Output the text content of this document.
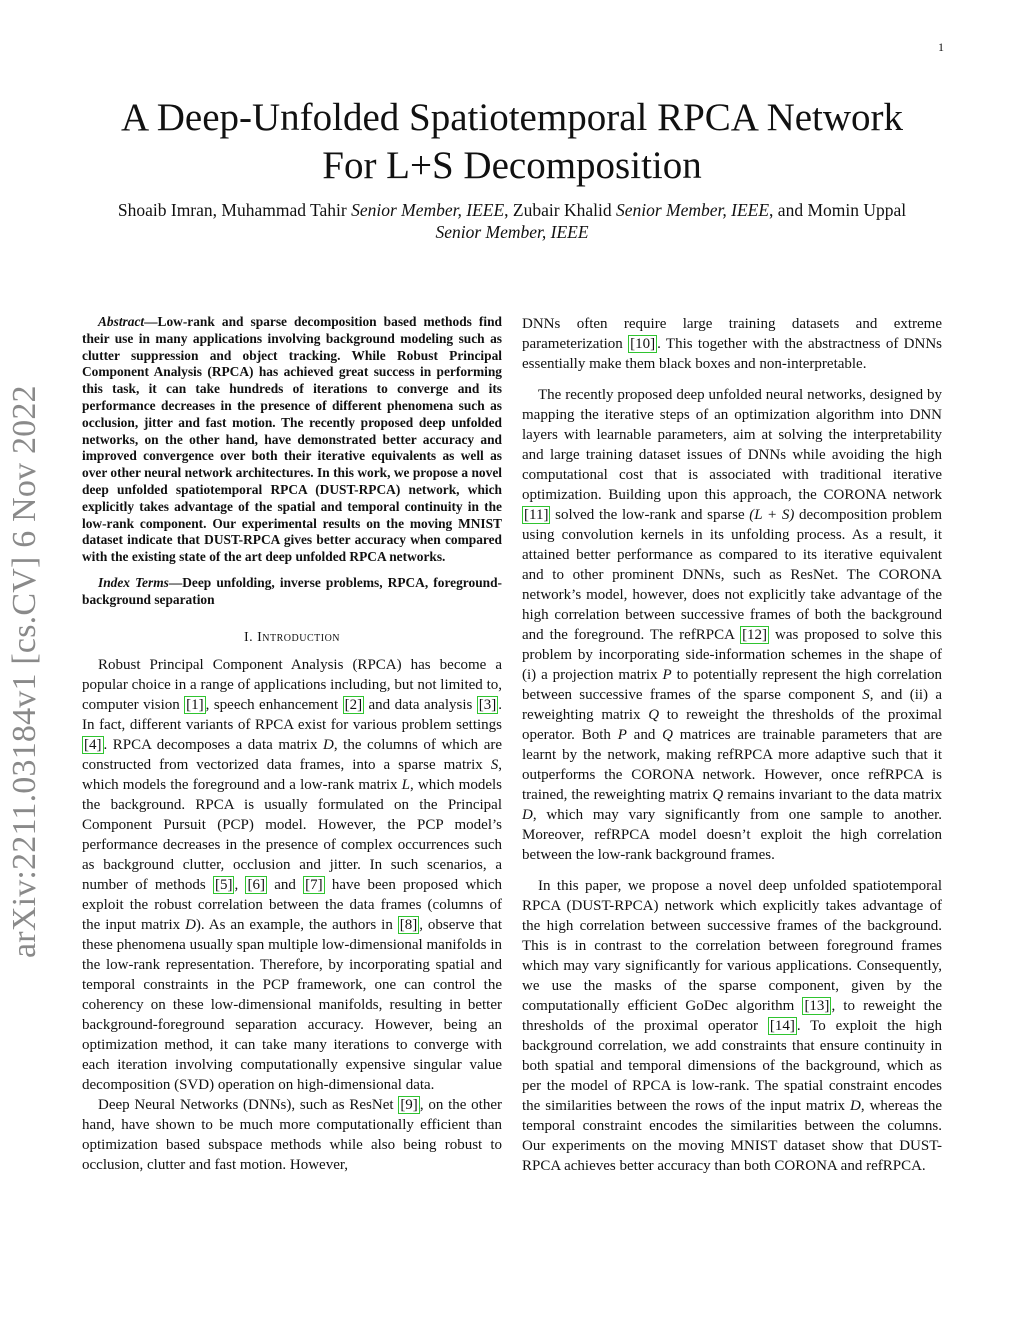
1
arXiv:2211.03184v1 [cs.CV] 6 Nov 2022
A Deep-Unfolded Spatiotemporal RPCA Network
For L+S Decomposition
Shoaib Imran, Muhammad Tahir Senior Member, IEEE, Zubair Khalid Senior Member, IEEE, and Momin Uppal
Senior Member, IEEE

Abstract—Low-rank and sparse decomposition based methods find their use in many applications involving background modeling such as clutter suppression and object tracking. While Robust Principal Component Analysis (RPCA) has achieved great success in performing this task, it can take hundreds of iterations to converge and its performance decreases in the presence of different phenomena such as occlusion, jitter and fast motion. The recently proposed deep unfolded networks, on the other hand, have demonstrated better accuracy and improved convergence over both their iterative equivalents as well as over other neural network architectures. In this work, we propose a novel deep unfolded spatiotemporal RPCA (DUST-RPCA) network, which explicitly takes advantage of the spatial and temporal continuity in the low-rank component. Our experimental results on the moving MNIST dataset indicate that DUST-RPCA gives better accuracy when compared with the existing state of the art deep unfolded RPCA networks.

Index Terms—Deep unfolding, inverse problems, RPCA, foreground-background separation

I. Introduction

Robust Principal Component Analysis (RPCA) has become a popular choice in a range of applications including, but not limited to, computer vision [1] , speech enhancement [2] and data analysis [3] . In fact, different variants of RPCA exist for various problem settings [4] . RPCA decomposes a data matrix D, the columns of which are constructed from vectorized data frames, into a sparse matrix S, which models the foreground and a low-rank matrix L, which models the background. RPCA is usually formulated on the Principal Component Pursuit (PCP) model. However, the PCP model’s performance decreases in the presence of complex occurrences such as background clutter, occlusion and jitter. In such scenarios, a number of methods [5] , [6] and [7] have been proposed which exploit the robust correlation between the data frames (columns of the input matrix D). As an example, the authors in [8] , observe that these phenomena usually span multiple low-dimensional manifolds in the low-rank representation. Therefore, by incorporating spatial and temporal constraints in the PCP framework, one can control the coherency on these low-dimensional manifolds, resulting in better background-foreground separation accuracy. However, being an optimization method, it can take many iterations to converge with each iteration involving computationally expensive singular value decomposition (SVD) operation on high-dimensional data.

Deep Neural Networks (DNNs), such as ResNet [9] , on the other hand, have shown to be much more computationally efficient than optimization based subspace methods while also being robust to occlusion, clutter and fast motion. However,

DNNs often require large training datasets and extreme parameterization [10] . This together with the abstractness of DNNs essentially make them black boxes and non-interpretable.

The recently proposed deep unfolded neural networks, designed by mapping the iterative steps of an optimization algorithm into DNN layers with learnable parameters, aim at solving the interpretability and large training dataset issues of DNNs while avoiding the high computational cost that is associated with traditional iterative optimization. Building upon this approach, the CORONA network [11] solved the low-rank and sparse (L + S) decomposition problem using convolution kernels in its unfolding process. As a result, it attained better performance as compared to its iterative equivalent and to other prominent DNNs, such as ResNet. The CORONA network’s model, however, does not explicitly take advantage of the high correlation between successive frames of both the background and the foreground. The refRPCA [12] was proposed to solve this problem by incorporating side-information schemes in the shape of (i) a projection matrix P to potentially represent the high correlation between successive frames of the sparse component S, and (ii) a reweighting matrix Q to reweight the thresholds of the proximal operator. Both P and Q matrices are trainable parameters that are learnt by the network, making refRPCA more adaptive such that it outperforms the CORONA network. However, once refRPCA is trained, the reweighting matrix Q remains invariant to the data matrix D, which may vary significantly from one sample to another. Moreover, refRPCA model doesn’t exploit the high correlation between the low-rank background frames.

In this paper, we propose a novel deep unfolded spatiotemporal RPCA (DUST-RPCA) network which explicitly takes advantage of the high correlation between successive frames of the background. This is in contrast to the correlation between foreground frames which may vary significantly for various applications. Consequently, we use the masks of the sparse component, given by the computationally efficient GoDec algorithm [13] , to reweight the thresholds of the proximal operator [14] . To exploit the high background correlation, we add constraints that ensure continuity in both spatial and temporal dimensions of the background, which as per the model of RPCA is low-rank. The spatial constraint encodes the similarities between the rows of the input matrix D, whereas the temporal constraint encodes the similarities between the columns. Our experiments on the moving MNIST dataset show that DUST-RPCA achieves better accuracy than both CORONA and refRPCA.
